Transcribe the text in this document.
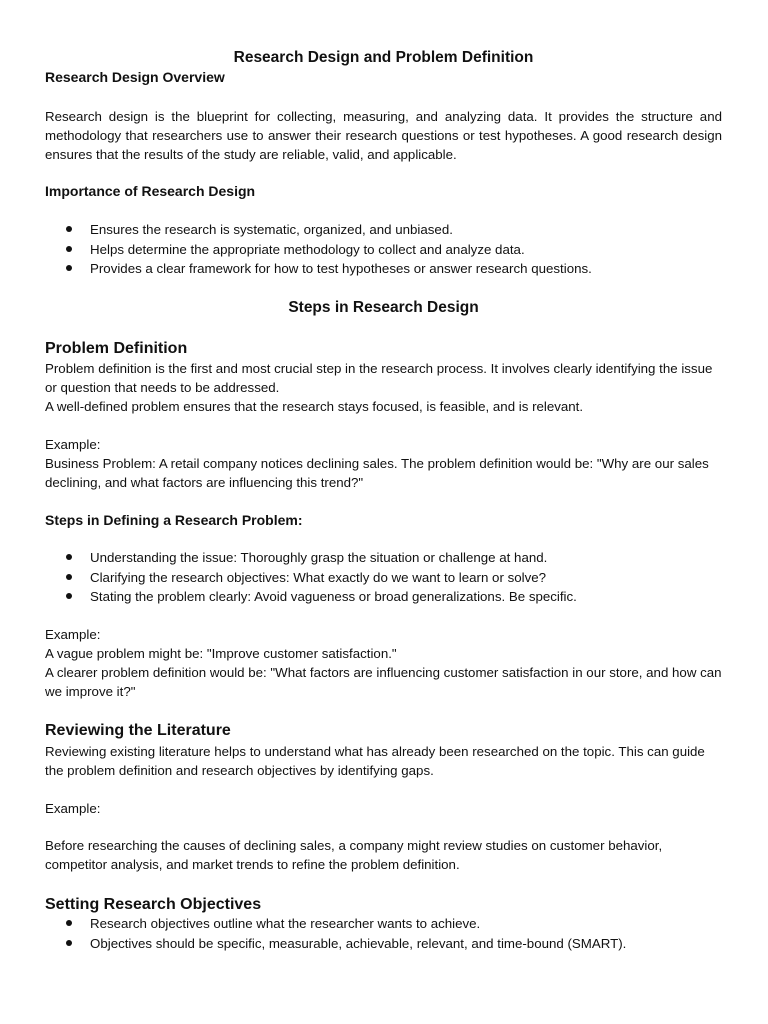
Research Design and Problem Definition
Research Design Overview

Research design is the blueprint for collecting, measuring, and analyzing data. It provides the structure and methodology that researchers use to answer their research questions or test hypotheses. A good research design ensures that the results of the study are reliable, valid, and applicable.

Importance of Research Design
Ensures the research is systematic, organized, and unbiased.
Helps determine the appropriate methodology to collect and analyze data.
Provides a clear framework for how to test hypotheses or answer research questions.
Steps in Research Design
Problem Definition

Problem definition is the first and most crucial step in the research process. It involves clearly identifying the issue or question that needs to be addressed.

A well-defined problem ensures that the research stays focused, is feasible, and is relevant.
Example:

Business Problem: A retail company notices declining sales. The problem definition would be: "Why are our sales declining, and what factors are influencing this trend?"

Steps in Defining a Research Problem:
Understanding the issue: Thoroughly grasp the situation or challenge at hand.
Clarifying the research objectives: What exactly do we want to learn or solve?
Stating the problem clearly: Avoid vagueness or broad generalizations. Be specific.
Example:
A vague problem might be: "Improve customer satisfaction."

A clearer problem definition would be: "What factors are influencing customer satisfaction in our store, and how can we improve it?"

Reviewing the Literature

Reviewing existing literature helps to understand what has already been researched on the topic. This can guide the problem definition and research objectives by identifying gaps.

Example:

Before researching the causes of declining sales, a company might review studies on customer behavior, competitor analysis, and market trends to refine the problem definition.

Setting Research Objectives
Research objectives outline what the researcher wants to achieve.
Objectives should be specific, measurable, achievable, relevant, and time-bound (SMART).
